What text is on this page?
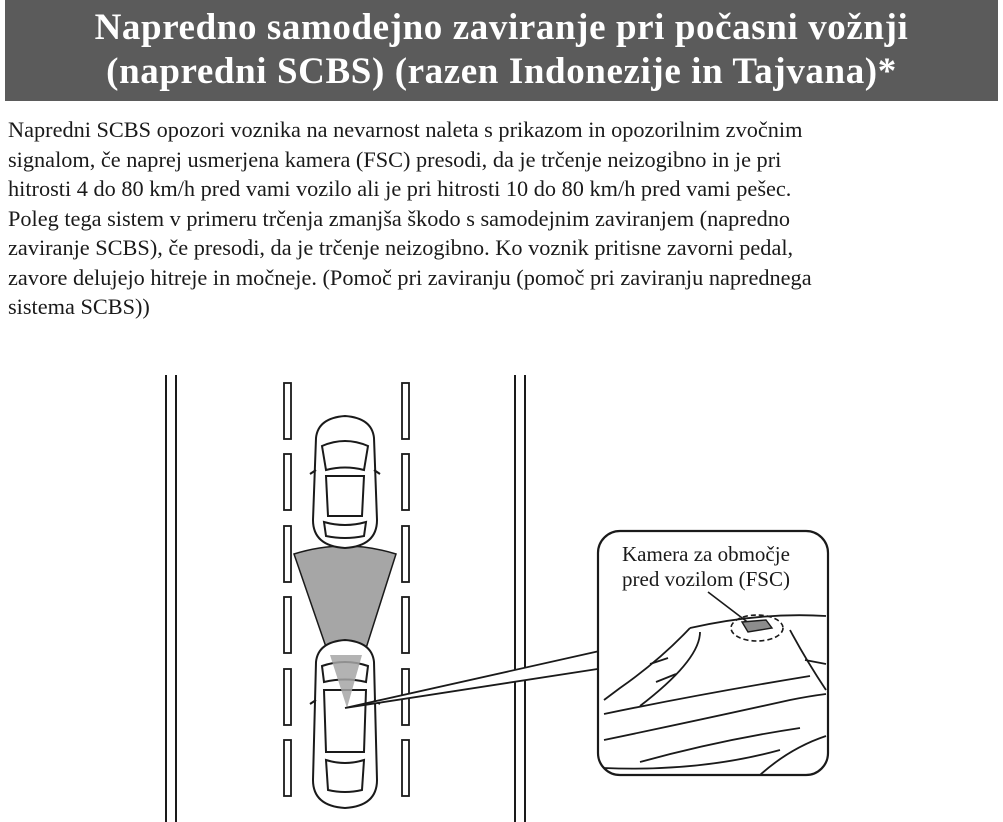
Napredno samodejno zaviranje pri počasni vožnji
(napredni SCBS) (razen Indonezije in Tajvana)*
Napredni SCBS opozori voznika na nevarnost naleta s prikazom in opozorilnim zvočnim
signalom, če naprej usmerjena kamera (FSC) presodi, da je trčenje neizogibno in je pri
hitrosti 4 do 80 km/h pred vami vozilo ali je pri hitrosti 10 do 80 km/h pred vami pešec.
Poleg tega sistem v primeru trčenja zmanjša škodo s samodejnim zaviranjem (napredno
zaviranje SCBS), če presodi, da je trčenje neizogibno. Ko voznik pritisne zavorni pedal,
zavore delujejo hitreje in močneje. (Pomoč pri zaviranju (pomoč pri zaviranju naprednega
sistema SCBS))
Kamera za območje
pred vozilom (FSC)
